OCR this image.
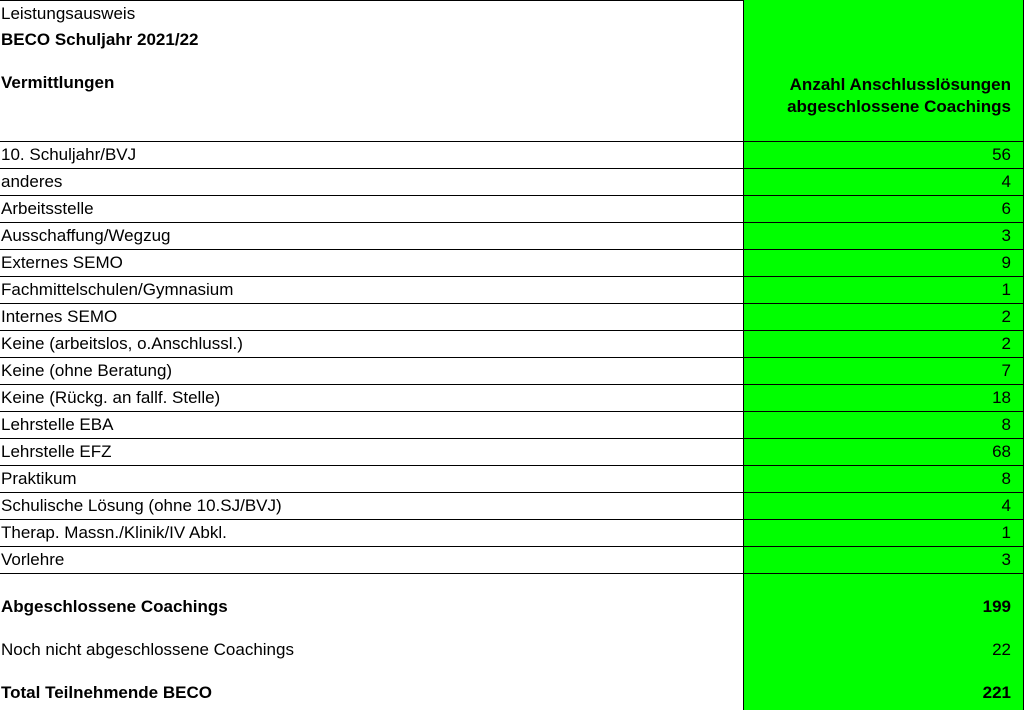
Leistungsausweis
BECO Schuljahr 2021/22
Vermittlungen	Anzahl Anschlusslösungen
abgeschlossene Coachings
10. Schuljahr/BVJ	56
anderes	4
Arbeitsstelle	6
Ausschaffung/Wegzug	3
Externes SEMO	9
Fachmittelschulen/Gymnasium	1
Internes SEMO	2
Keine (arbeitslos, o.Anschlussl.)	2
Keine (ohne Beratung)	7
Keine (Rückg. an fallf. Stelle)	18
Lehrstelle EBA	8
Lehrstelle EFZ	68
Praktikum	8
Schulische Lösung (ohne 10.SJ/BVJ)	4
Therap. Massn./Klinik/IV Abkl.	1
Vorlehre	3
Abgeschlossene Coachings	199
Noch nicht abgeschlossene Coachings	22
Total Teilnehmende BECO	221
